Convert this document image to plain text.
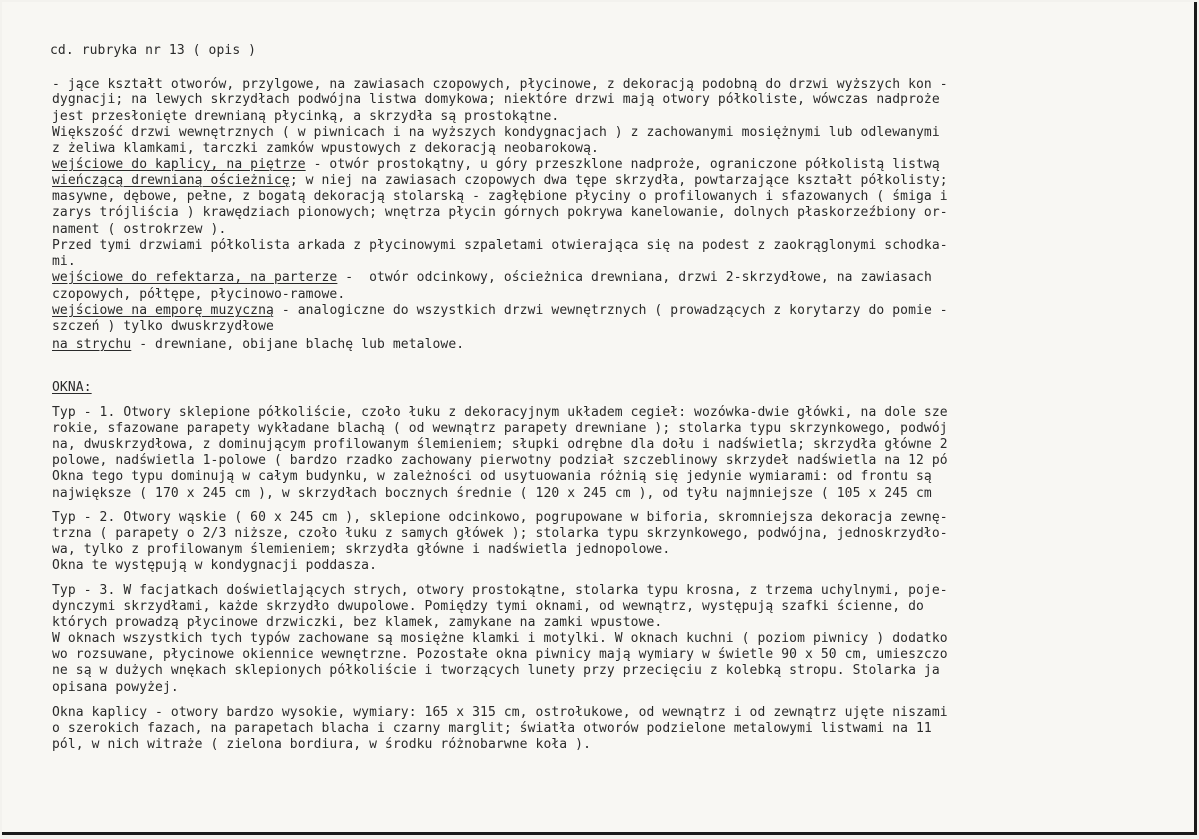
cd. rubryka nr 13 ( opis )
- jące kształt otworów, przylgowe, na zawiasach czopowych, płycinowe, z dekoracją podobną do drzwi wyższych kon -
dygnacji; na lewych skrzydłach podwójna listwa domykowa; niektóre drzwi mają otwory półkoliste, wówczas nadproże
jest przesłonięte drewnianą płycinką, a skrzydła są prostokątne.
Większość drzwi wewnętrznych ( w piwnicach i na wyższych kondygnacjach ) z zachowanymi mosiężnymi lub odlewanymi
z żeliwa klamkami, tarczki zamków wpustowych z dekoracją neobarokową.
wejściowe do kaplicy, na piętrze - otwór prostokątny, u góry przeszklone nadproże, ograniczone półkolistą listwą
wieńczącą drewnianą ościeżnicę; w niej na zawiasach czopowych dwa tępe skrzydła, powtarzające kształt półkolisty;
masywne, dębowe, pełne, z bogatą dekoracją stolarską - zagłębione płyciny o profilowanych i sfazowanych ( śmiga i
zarys trójliścia ) krawędziach pionowych; wnętrza płycin górnych pokrywa kanelowanie, dolnych płaskorzeźbiony or-
nament ( ostrokrzew ).
Przed tymi drzwiami półkolista arkada z płycinowymi szpaletami otwierająca się na podest z zaokrąglonymi schodka-
mi.
wejściowe do refektarza, na parterze -  otwór odcinkowy, ościeżnica drewniana, drzwi 2-skrzydłowe, na zawiasach
czopowych, półtępe, płycinowo-ramowe.
wejściowe na emporę muzyczną - analogiczne do wszystkich drzwi wewnętrznych ( prowadzących z korytarzy do pomie -
szczeń ) tylko dwuskrzydłowe
na strychu - drewniane, obijane blachę lub metalowe.
OKNA:
Typ - 1. Otwory sklepione półkoliście, czoło łuku z dekoracyjnym układem cegieł: wozówka-dwie główki, na dole sze
rokie, sfazowane parapety wykładane blachą ( od wewnątrz parapety drewniane ); stolarka typu skrzynkowego, podwój
na, dwuskrzydłowa, z dominującym profilowanym ślemieniem; słupki odrębne dla dołu i nadświetla; skrzydła główne 2
polowe, nadświetla 1-polowe ( bardzo rzadko zachowany pierwotny podział szczeblinowy skrzydeł nadświetla na 12 pó
Okna tego typu dominują w całym budynku, w zależności od usytuowania różnią się jedynie wymiarami: od frontu są
największe ( 170 x 245 cm ), w skrzydłach bocznych średnie ( 120 x 245 cm ), od tyłu najmniejsze ( 105 x 245 cm
Typ - 2. Otwory wąskie ( 60 x 245 cm ), sklepione odcinkowo, pogrupowane w biforia, skromniejsza dekoracja zewnę-
trzna ( parapety o 2/3 niższe, czoło łuku z samych główek ); stolarka typu skrzynkowego, podwójna, jednoskrzydło-
wa, tylko z profilowanym ślemieniem; skrzydła główne i nadświetla jednopolowe.
Okna te występują w kondygnacji poddasza.
Typ - 3. W facjatkach doświetlających strych, otwory prostokątne, stolarka typu krosna, z trzema uchylnymi, poje-
dynczymi skrzydłami, każde skrzydło dwupolowe. Pomiędzy tymi oknami, od wewnątrz, występują szafki ścienne, do
których prowadzą płycinowe drzwiczki, bez klamek, zamykane na zamki wpustowe.
W oknach wszystkich tych typów zachowane są mosiężne klamki i motylki. W oknach kuchni ( poziom piwnicy ) dodatko
wo rozsuwane, płycinowe okiennice wewnętrzne. Pozostałe okna piwnicy mają wymiary w świetle 90 x 50 cm, umieszczo
ne są w dużych wnękach sklepionych półkoliście i tworzących lunety przy przecięciu z kolebką stropu. Stolarka ja
opisana powyżej.
Okna kaplicy - otwory bardzo wysokie, wymiary: 165 x 315 cm, ostrołukowe, od wewnątrz i od zewnątrz ujęte niszami
o szerokich fazach, na parapetach blacha i czarny marglit; światła otworów podzielone metalowymi listwami na 11
pól, w nich witraże ( zielona bordiura, w środku różnobarwne koła ).
